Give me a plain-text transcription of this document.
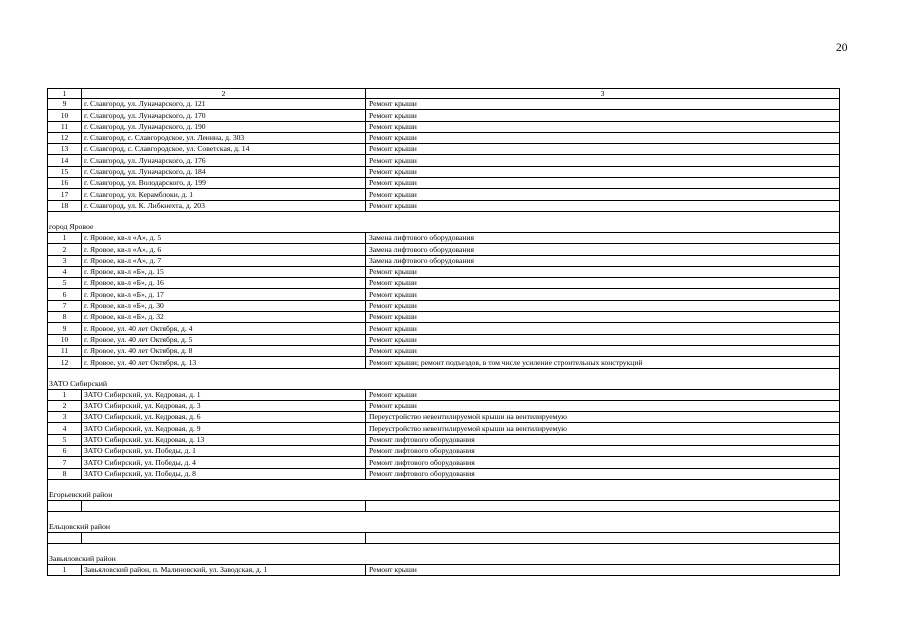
20
1	2	3
9	г. Славгород, ул. Луначарского, д. 121	Ремонт крыши
10	г. Славгород, ул. Луначарского, д. 170	Ремонт крыши
11	г. Славгород, ул. Луначарского, д. 190	Ремонт крыши
12	г. Славгород, с. Славгородское, ул. Ленина, д. 303	Ремонт крыши
13	г. Славгород, с. Славгородское, ул. Советская, д. 14	Ремонт крыши
14	г. Славгород, ул. Луначарского, д. 176	Ремонт крыши
15	г. Славгород, ул. Луначарского, д. 184	Ремонт крыши
16	г. Славгород, ул. Володарского, д. 199	Ремонт крыши
17	г. Славгород, ул. Керамблоки, д. 1	Ремонт крыши
18	г. Славгород, ул. К. Либкнехта, д. 203	Ремонт крыши
город Яровое		
1	г. Яровое, кв-л «А», д. 5	Замена лифтового оборудования
2	г. Яровое, кв-л «А», д. 6	Замена лифтового оборудования
3	г. Яровое, кв-л «А», д. 7	Замена лифтового оборудования
4	г. Яровое, кв-л «Б», д. 15	Ремонт крыши
5	г. Яровое, кв-л «Б», д. 16	Ремонт крыши
6	г. Яровое, кв-л «Б», д. 17	Ремонт крыши
7	г. Яровое, кв-л «Б», д. 30	Ремонт крыши
8	г. Яровое, кв-л «Б», д. 32	Ремонт крыши
9	г. Яровое, ул. 40 лет Октября, д. 4	Ремонт крыши
10	г. Яровое, ул. 40 лет Октября, д. 5	Ремонт крыши
11	г. Яровое, ул. 40 лет Октября, д. 8	Ремонт крыши
12	г. Яровое, ул. 40 лет Октября, д. 13	Ремонт крыши; ремонт подъездов, в том числе усиление строительных конструкций
ЗАТО Сибирский		
1	ЗАТО Сибирский, ул. Кедровая, д. 1	Ремонт крыши
2	ЗАТО Сибирский, ул. Кедровая, д. 3	Ремонт крыши
3	ЗАТО Сибирский, ул. Кедровая, д. 6	Переустройство невентилируемой крыши на вентилируемую
4	ЗАТО Сибирский, ул. Кедровая, д. 9	Переустройство невентилируемой крыши на вентилируемую
5	ЗАТО Сибирский, ул. Кедровая, д. 13	Ремонт лифтового оборудования
6	ЗАТО Сибирский, ул. Победы, д. 1	Ремонт лифтового оборудования
7	ЗАТО Сибирский, ул. Победы, д. 4	Ремонт лифтового оборудования
8	ЗАТО Сибирский, ул. Победы, д. 8	Ремонт лифтового оборудования
Егорьевский район		

Ельцовский район		

Завьяловский район		
1	Завьяловский район, п. Малиновский, ул. Заводская, д. 1	Ремонт крыши
